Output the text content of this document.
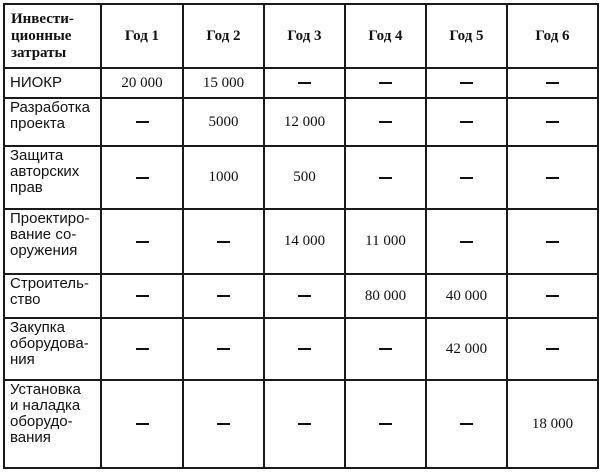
Инвести-
ционные
затраты	Год 1	Год 2	Год 3	Год 4	Год 5	Год 6
НИОКР	20 000	15 000				
Разработка
проекта		5000	12 000			
Защита
авторских
прав		1000	500			
Проектиро-
вание со-
оружения			14 000	11 000		
Строитель-
ство				80 000	40 000	
Закупка
оборудова-
ния					42 000	
Установка
и наладка
оборудо-
вания						18 000
